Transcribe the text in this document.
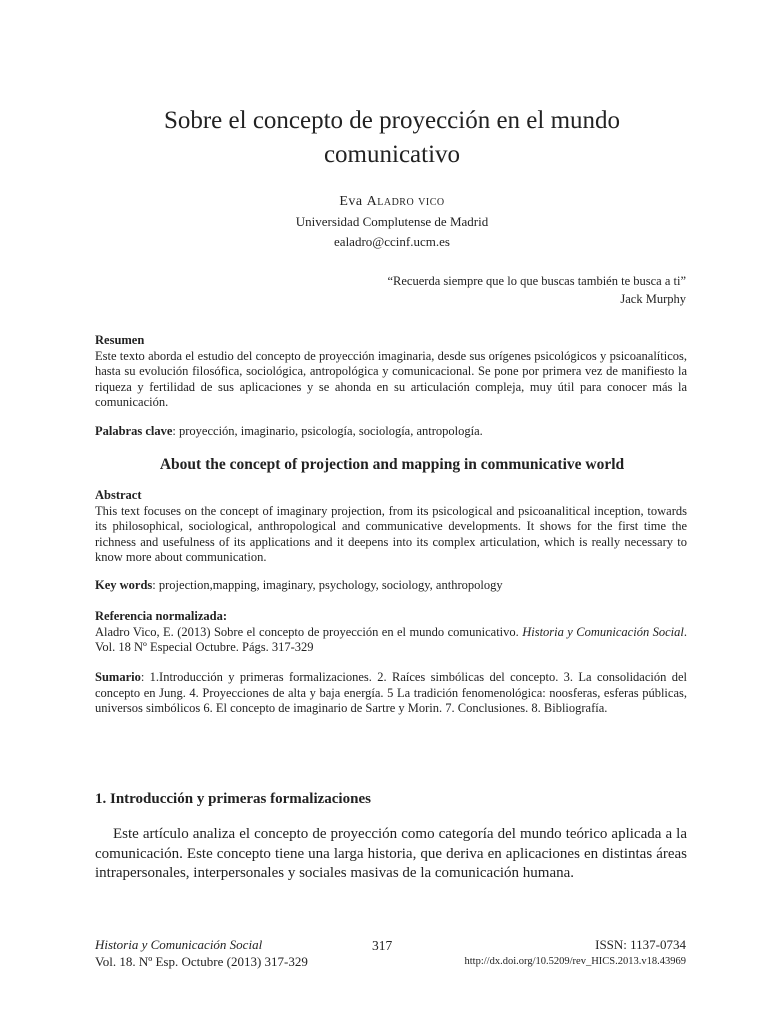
Sobre el concepto de proyección en el mundo comunicativo
Eva Aladro vico
Universidad Complutense de Madrid
ealadro@ccinf.ucm.es
“Recuerda siempre que lo que buscas también te busca a ti”
Jack Murphy
Resumen
Este texto aborda el estudio del concepto de proyección imaginaria, desde sus orígenes psicológicos y psicoanalíticos, hasta su evolución filosófica, sociológica, antropológica y comunicacional. Se pone por primera vez de manifiesto la riqueza y fertilidad de sus aplicaciones y se ahonda en su articulación compleja, muy útil para conocer más la comunicación.
Palabras clave: proyección, imaginario, psicología, sociología, antropología.
About the concept of projection and mapping in communicative world
Abstract
This text focuses on the concept of imaginary projection, from its psicological and psicoanalitical inception, towards its philosophical, sociological, anthropological and communicative developments. It shows for the first time the richness and usefulness of its applications and it deepens into its complex articulation, which is really necessary to know more about communication.
Key words: projection,mapping, imaginary, psychology, sociology, anthropology
Referencia normalizada:
Aladro Vico, E. (2013) Sobre el concepto de proyección en el mundo comunicativo. Historia y Comunicación Social. Vol. 18 Nº Especial Octubre. Págs. 317-329
Sumario: 1.Introducción y primeras formalizaciones. 2. Raíces simbólicas del concepto. 3. La consolidación del concepto en Jung. 4. Proyecciones de alta y baja energía. 5 La tradición fenomenológica: noosferas, esferas públicas, universos simbólicos 6. El concepto de imaginario de Sartre y Morin. 7. Conclusiones. 8. Bibliografía.
1. Introducción y primeras formalizaciones
Este artículo analiza el concepto de proyección como categoría del mundo teórico aplicada a la comunicación. Este concepto tiene una larga historia, que deriva en aplicaciones en distintas áreas intrapersonales, interpersonales y sociales masivas de la comunicación humana.
Historia y Comunicación Social
Vol. 18. Nº Esp. Octubre (2013) 317-329
317	ISSN: 1137-0734
http://dx.doi.org/10.5209/rev_HICS.2013.v18.43969
